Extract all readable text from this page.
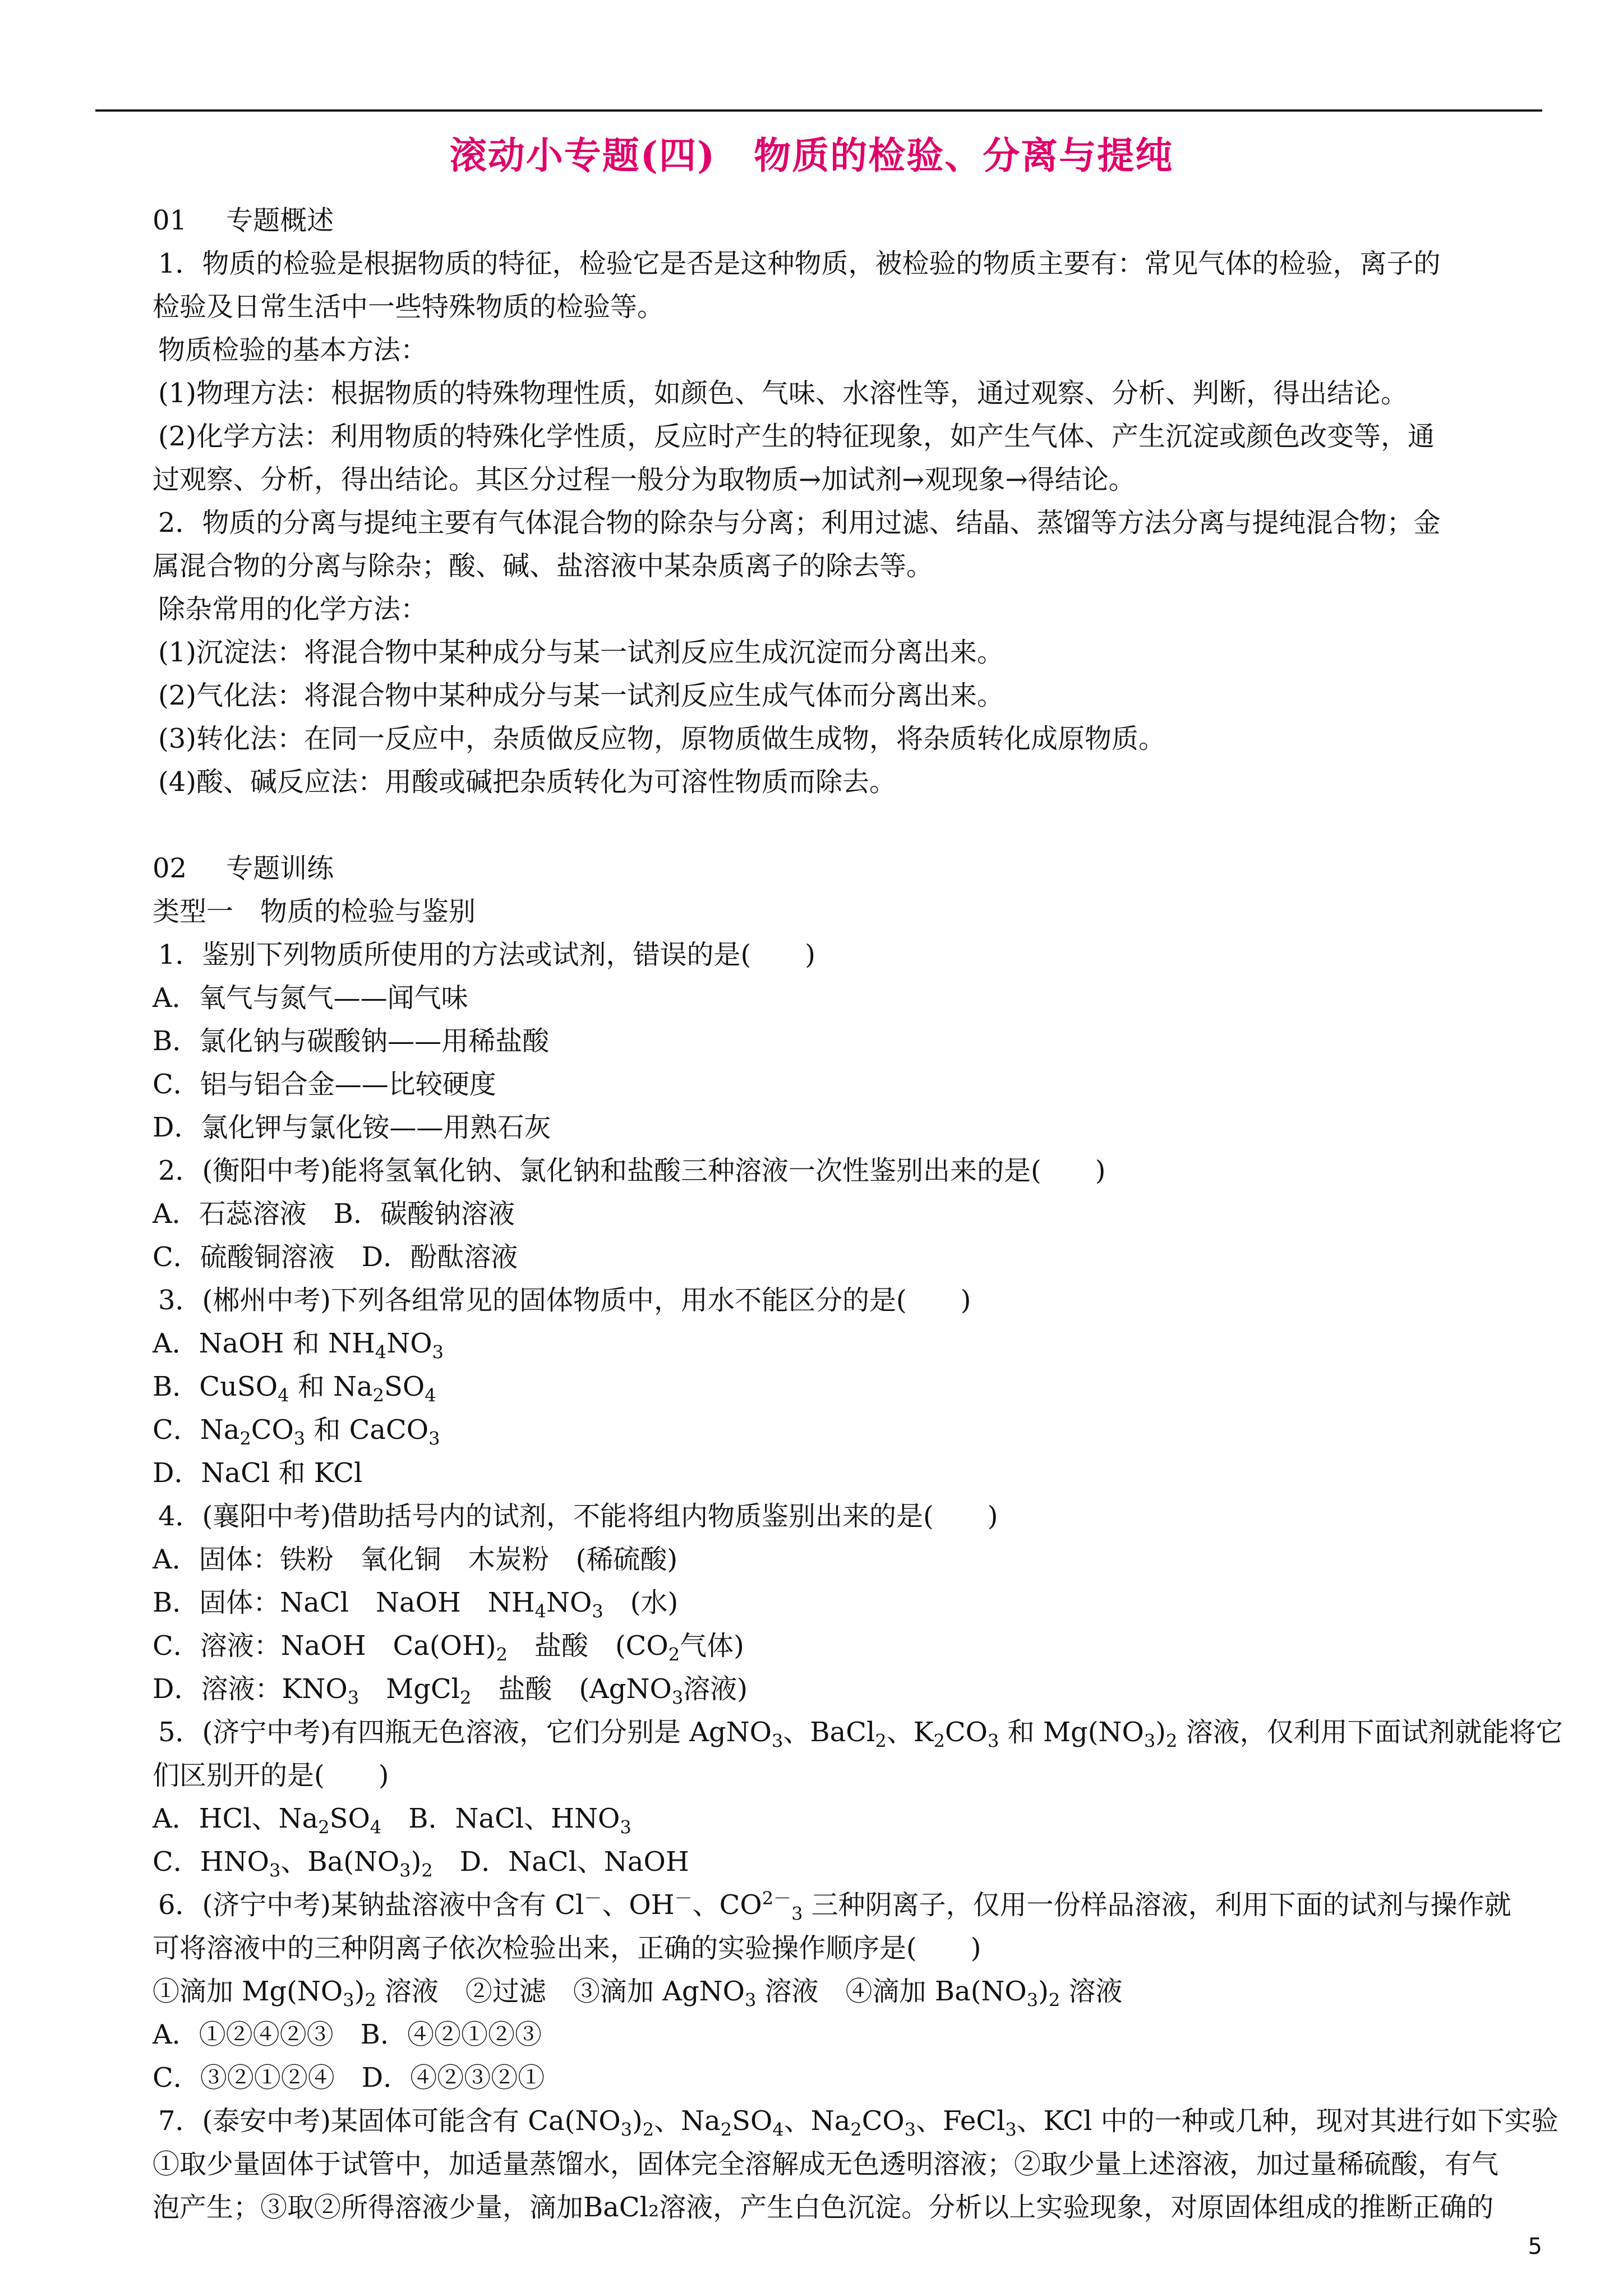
滚动小专题(四)　物质的检验、分离与提纯
01 专题概述
1．物质的检验是根据物质的特征，检验它是否是这种物质，被检验的物质主要有：常见气体的检验，离子的
检验及日常生活中一些特殊物质的检验等。
物质检验的基本方法：
(1)物理方法：根据物质的特殊物理性质，如颜色、气味、水溶性等，通过观察、分析、判断，得出结论。
(2)化学方法：利用物质的特殊化学性质，反应时产生的特征现象，如产生气体、产生沉淀或颜色改变等，通
过观察、分析，得出结论。其区分过程一般分为取物质→加试剂→观现象→得结论。
2．物质的分离与提纯主要有气体混合物的除杂与分离；利用过滤、结晶、蒸馏等方法分离与提纯混合物；金
属混合物的分离与除杂；酸、碱、盐溶液中某杂质离子的除去等。
除杂常用的化学方法：
(1)沉淀法：将混合物中某种成分与某一试剂反应生成沉淀而分离出来。
(2)气化法：将混合物中某种成分与某一试剂反应生成气体而分离出来。
(3)转化法：在同一反应中，杂质做反应物，原物质做生成物，将杂质转化成原物质。
(4)酸、碱反应法：用酸或碱把杂质转化为可溶性物质而除去。
02 专题训练
类型一　物质的检验与鉴别
1．鉴别下列物质所使用的方法或试剂，错误的是(　　)
A．氧气与氮气——闻气味
B．氯化钠与碳酸钠——用稀盐酸
C．铝与铝合金——比较硬度
D．氯化钾与氯化铵——用熟石灰
2．(衡阳中考)能将氢氧化钠、氯化钠和盐酸三种溶液一次性鉴别出来的是(　　)
A．石蕊溶液　B．碳酸钠溶液
C．硫酸铜溶液　D．酚酞溶液
3．(郴州中考)下列各组常见的固体物质中，用水不能区分的是(　　)
A．NaOH 和 $NH_4NO_3$
B．CuSO$_4$ 和 $Na_2SO_4$
C．$Na_2CO_3$ 和 CaCO$_3$
D．NaCl 和 KCl
4．(襄阳中考)借助括号内的试剂，不能将组内物质鉴别出来的是(　　)
A．固体：铁粉　氧化铜　木炭粉　(稀硫酸)
B．固体：NaCl　NaOH　$NH_4NO_3$　(水)
C．溶液：NaOH　$Ca(OH)_2$　盐酸　($CO_2$气体)
D．溶液：$KNO_3$　MgCl$_2$　盐酸　(AgNO$_3$溶液)
5．(济宁中考)有四瓶无色溶液，它们分别是 AgNO$_3$、BaCl$_2$、$K_2CO_3$ 和 $Mg(NO_3)_2$ 溶液，仅利用下面试剂就能将它
们区别开的是(　　)
A．HCl、$Na_2SO_4$　B．NaCl、$HNO_3$
C．$HNO_3$、$Ba(NO_3)_2$　D．NaCl、NaOH
6．(济宁中考)某钠盐溶液中含有 Cl－、OH－、$CO^{2-}_3$ 三种阴离子，仅用一份样品溶液，利用下面的试剂与操作就
可将溶液中的三种阴离子依次检验出来，正确的实验操作顺序是(　　)
①滴加 $Mg(NO_3)_2$ 溶液　②过滤　③滴加 AgNO$_3$ 溶液　④滴加 $Ba(NO_3)_2$ 溶液
A．①②④②③　B．④②①②③
C．③②①②④　D．④②③②①
7．(泰安中考)某固体可能含有 $Ca(NO_3)_2$、$Na_2SO_4$、$Na_2CO_3$、FeCl$_3$、KCl 中的一种或几种，现对其进行如下实验
①取少量固体于试管中，加适量蒸馏水，固体完全溶解成无色透明溶液；②取少量上述溶液，加过量稀硫酸，有气
泡产生；③取②所得溶液少量，滴加BaCl₂溶液，产生白色沉淀。分析以上实验现象，对原固体组成的推断正确的
5
